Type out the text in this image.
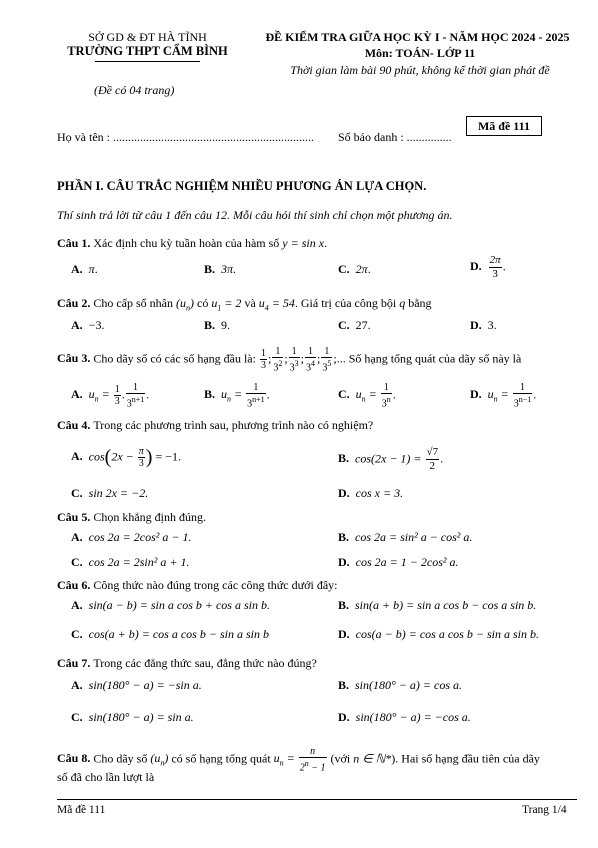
SỞ GD & ĐT HÀ TĨNH
TRƯỜNG THPT CẨM BÌNH
(Đề có 04 trang)
ĐỀ KIỂM TRA GIỮA HỌC KỲ I - NĂM HỌC 2024 - 2025
Môn: TOÁN- LỚP 11
Thời gian làm bài 90 phút, không kể thời gian phát đề
Họ và tên : ................................................................... Số báo danh : ...............
Mã đề 111
PHẦN I. CÂU TRẮC NGHIỆM NHIỀU PHƯƠNG ÁN LỰA CHỌN.
Thí sinh trả lời từ câu 1 đến câu 12. Mỗi câu hỏi thí sinh chỉ chọn một phương án.
Câu 1. Xác định chu kỳ tuần hoàn của hàm số y = sin x.
A. π.	B. 3π.	C. 2π.	D. $\frac{2\pi}{3}$ .
Câu 2. Cho cấp số nhân $(u_n)$ có $u_1 = 2$ và $u_4 = 54$. Giá trị của công bội q bằng
A. −3.	B. 9.	C. 27.	D. 3.
Câu 3. Cho dãy số có các số hạng đầu là: $\frac{1}{3}$ ; $\frac{1}{3^2}$ ; $\frac{1}{3^3}$ ; $\frac{1}{3^4}$ ; $\frac{1}{3^5}$ ;... Số hạng tổng quát của dãy số này là
A. $u_n = \frac{1}{3}$ . $\frac{1}{3^{n+1}}$ .	B. $u_n = \frac{1}{3^{n+1}}$ .	C. $u_n = \frac{1}{3^n}$ .	D. $u_n = \frac{1}{3^{n-1}}$ .
Câu 4. Trong các phương trình sau, phương trình nào có nghiệm?
A. $\cos(2x - \frac{\pi}{3}$ ) = −1.	B. $\cos(2x - 1) = \frac{√7}{2}$ .
C. sin 2x = −2.	D. cos x = 3.
Câu 5. Chọn khẳng định đúng.
A. cos 2a = 2cos² a − 1.	B. cos 2a = sin² a − cos² a.
C. cos 2a = 2sin² a + 1.	D. cos 2a = 1 − 2cos² a.
Câu 6. Công thức nào đúng trong các công thức dưới đây:
A. sin(a − b) = sin a cos b + cos a sin b.	B. sin(a + b) = sin a cos b − cos a sin b.
C. cos(a + b) = cos a cos b − sin a sin b	D. cos(a − b) = cos a cos b − sin a sin b.
Câu 7. Trong các đẳng thức sau, đẳng thức nào đúng?
A. sin(180° − a) = −sin a.	B. sin(180° − a) = cos a.
C. sin(180° − a) = sin a.	D. sin(180° − a) = −cos a.
Câu 8. Cho dãy số $(u_n)$ có số hạng tổng quát $u_n = \frac{n}{2^n - 1}$ (với n ∈ ℕ*). Hai số hạng đầu tiên của dãy
số đã cho lần lượt là
Mã đề 111	Trang 1/4
